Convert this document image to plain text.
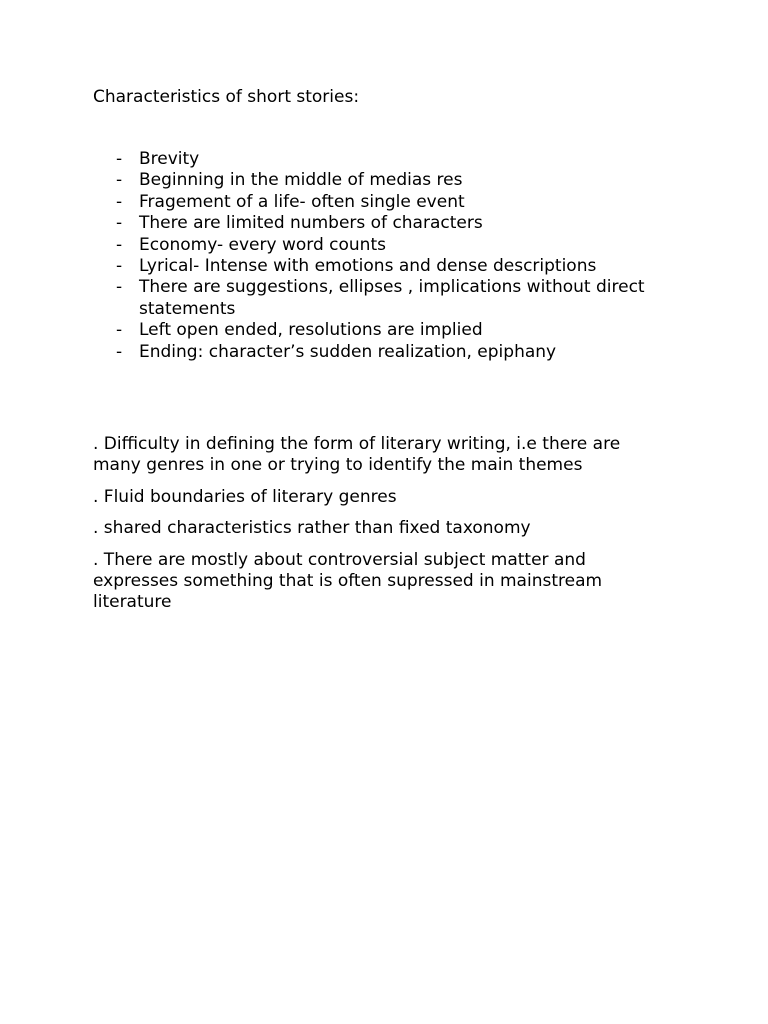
Characteristics of short stories:
- Brevity
- Beginning in the middle of medias res
- Fragement of a life- often single event
- There are limited numbers of characters
- Economy- every word counts
- Lyrical- Intense with emotions and dense descriptions
- There are suggestions, ellipses , implications without direct statements
- Left open ended, resolutions are implied
- Ending: character’s sudden realization, epiphany

. Difficulty in defining the form of literary writing, i.e there are many genres in one or trying to identify the main themes

. Fluid boundaries of literary genres

. shared characteristics rather than fixed taxonomy

. There are mostly about controversial subject matter and expresses something that is often supressed in mainstream literature
